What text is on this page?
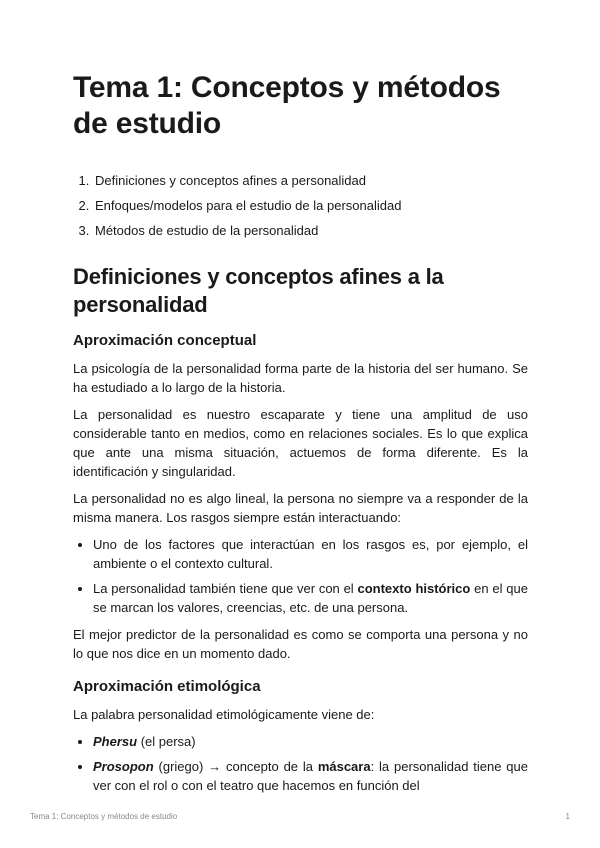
Tema 1: Conceptos y métodos
de estudio
1. Definiciones y conceptos afines a personalidad
2. Enfoques/modelos para el estudio de la personalidad
3. Métodos de estudio de la personalidad
Definiciones y conceptos afines a la
personalidad
Aproximación conceptual

La psicología de la personalidad forma parte de la historia del ser humano. Se ha estudiado a lo largo de la historia.

La personalidad es nuestro escaparate y tiene una amplitud de uso considerable tanto en medios, como en relaciones sociales. Es lo que explica que ante una misma situación, actuemos de forma diferente. Es la identificación y singularidad.

La personalidad no es algo lineal, la persona no siempre va a responder de la misma manera. Los rasgos siempre están interactuando:

• Uno de los factores que interactúan en los rasgos es, por ejemplo, el ambiente o el contexto cultural.
• La personalidad también tiene que ver con el contexto histórico en el que se marcan los valores, creencias, etc. de una persona.

El mejor predictor de la personalidad es como se comporta una persona y no lo que nos dice en un momento dado.

Aproximación etimológica

La palabra personalidad etimológicamente viene de:

• Phersu (el persa)
• Prosopon (griego) → concepto de la máscara: la personalidad tiene que ver con el rol o con el teatro que hacemos en función del
Tema 1: Conceptos y métodos de estudio	1
